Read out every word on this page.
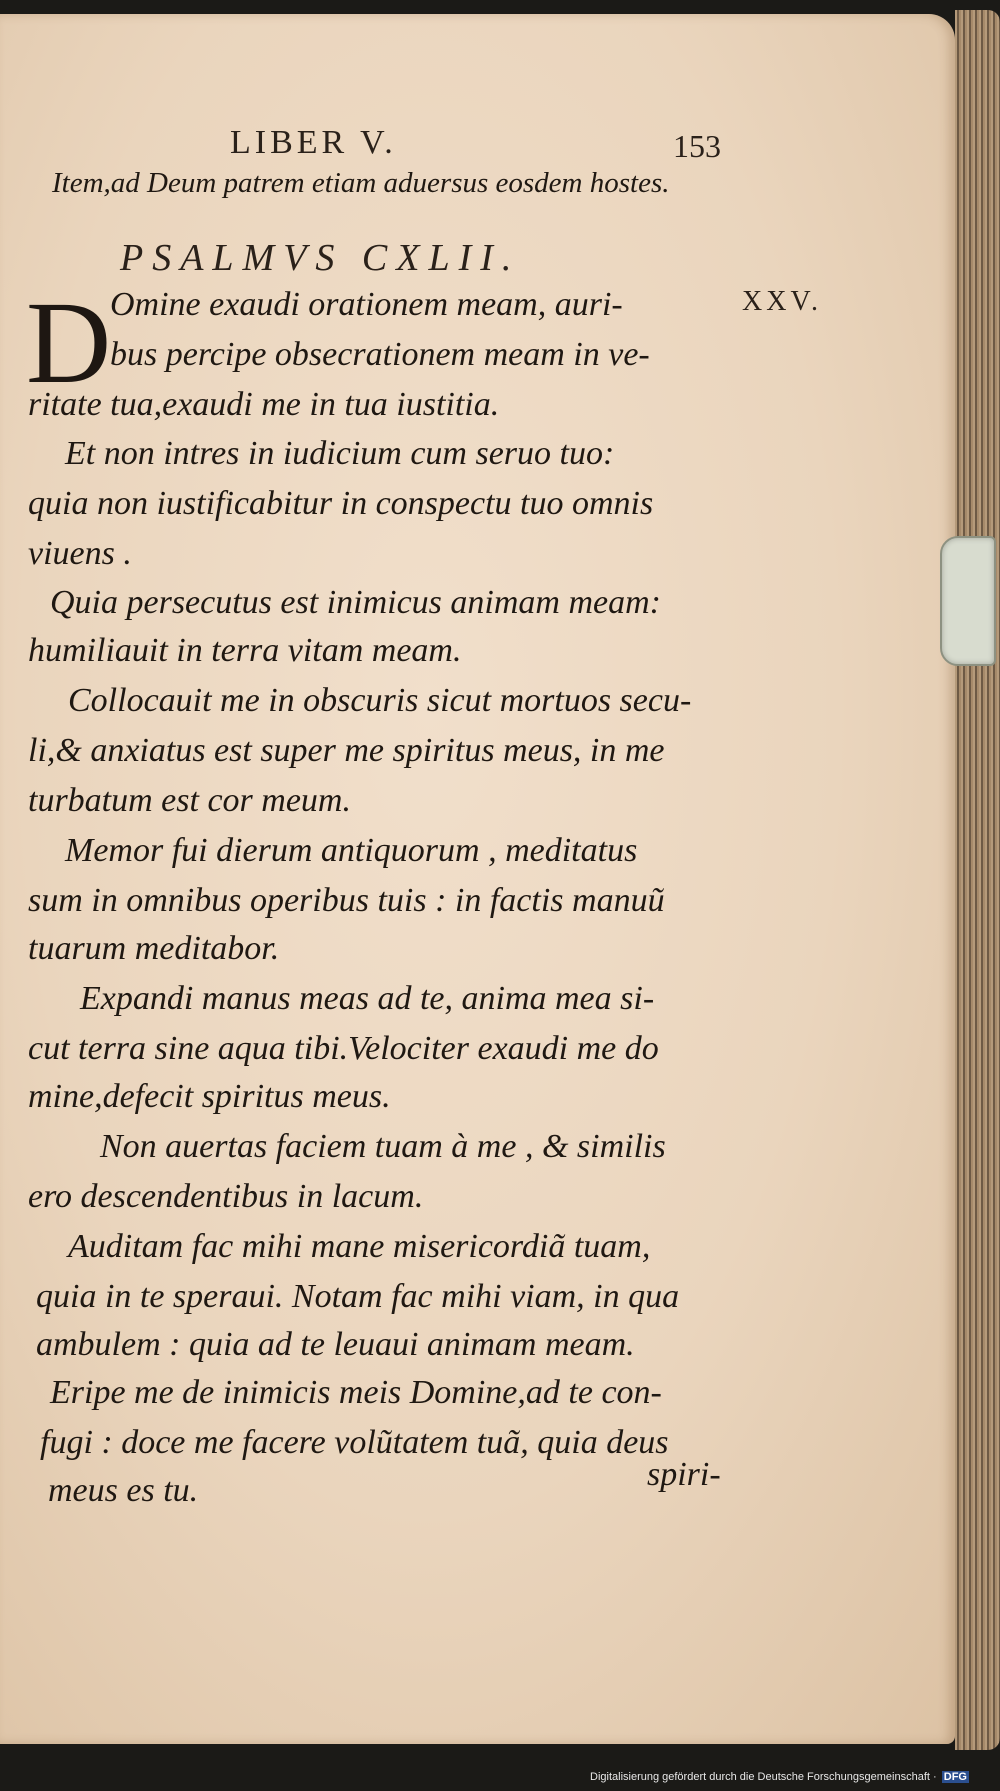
LIBER V.	153
Item,ad Deum patrem etiam aduersus eosdem hostes.
PSALMVS CXLII.
XXV.
D
Omine exaudi orationem meam, auri-
bus percipe obsecrationem meam in ve-
ritate tua,exaudi me in tua iustitia.
Et non intres in iudicium cum seruo tuo:
quia non iustificabitur in conspectu tuo omnis
viuens .
Quia persecutus est inimicus animam meam:
humiliauit in terra vitam meam.
Collocauit me in obscuris sicut mortuos secu-
li,& anxiatus est super me spiritus meus, in me
turbatum est cor meum.
Memor fui dierum antiquorum , meditatus
sum in omnibus operibus tuis : in factis manuũ
tuarum meditabor.
Expandi manus meas ad te, anima mea si-
cut terra sine aqua tibi.Velociter exaudi me do
mine,defecit spiritus meus.
Non auertas faciem tuam à me , & similis
ero descendentibus in lacum.
Auditam fac mihi mane misericordiã tuam,
quia in te speraui. Notam fac mihi viam, in qua
ambulem : quia ad te leuaui animam meam.
Eripe me de inimicis meis Domine,ad te con-
fugi : doce me facere volũtatem tuã, quia deus
meus es tu.	spiri-
Digitalisierung gefördert durch die Deutsche Forschungsgemeinschaft · DFG
